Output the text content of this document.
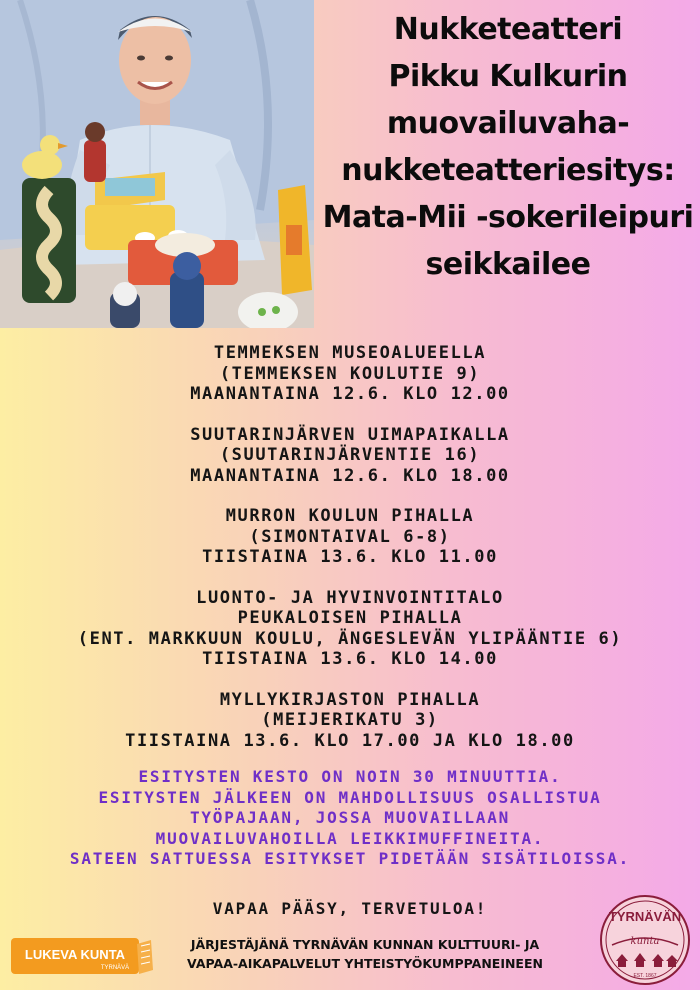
Nukketeatteri
Pikku Kulkurin
muovailuvaha-
nukketeatteriesitys:
Mata-Mii -sokerileipuri
seikkailee
TEMMEKSEN MUSEOALUEELLA
(TEMMEKSEN KOULUTIE 9)
MAANANTAINA 12.6. KLO 12.00
SUUTARINJÄRVEN UIMAPAIKALLA
(SUUTARINJÄRVENTIE 16)
MAANANTAINA 12.6. KLO 18.00
MURRON KOULUN PIHALLA
(SIMONTAIVAL 6-8)
TIISTAINA 13.6. KLO 11.00
LUONTO- JA HYVINVOINTITALO
PEUKALOISEN PIHALLA
(ENT. MARKKUUN KOULU, ÄNGESLEVÄN YLIPÄÄNTIE 6)
TIISTAINA 13.6. KLO 14.00
MYLLYKIRJASTON PIHALLA
(MEIJERIKATU 3)
TIISTAINA 13.6. KLO 17.00 JA KLO 18.00
ESITYSTEN KESTO ON NOIN 30 MINUUTTIA.
ESITYSTEN JÄLKEEN ON MAHDOLLISUUS OSALLISTUA
TYÖPAJAAN, JOSSA MUOVAILLAAN
MUOVAILUVAHOILLA LEIKKIMUFFINEITA.
SATEEN SATTUESSA ESITYKSET PIDETÄÄN SISÄTILOISSA.
VAPAA PÄÄSY, TERVETULOA!
JÄRJESTÄJÄNÄ TYRNÄVÄN KUNNAN KULTTUURI- JA
VAPAA-AIKAPALVELUT YHTEISTYÖKUMPPANEINEEN
LUKEVA KUNTA
TYRNÄVÄ
TYRNÄVÄN
kunta
EST. 1867
